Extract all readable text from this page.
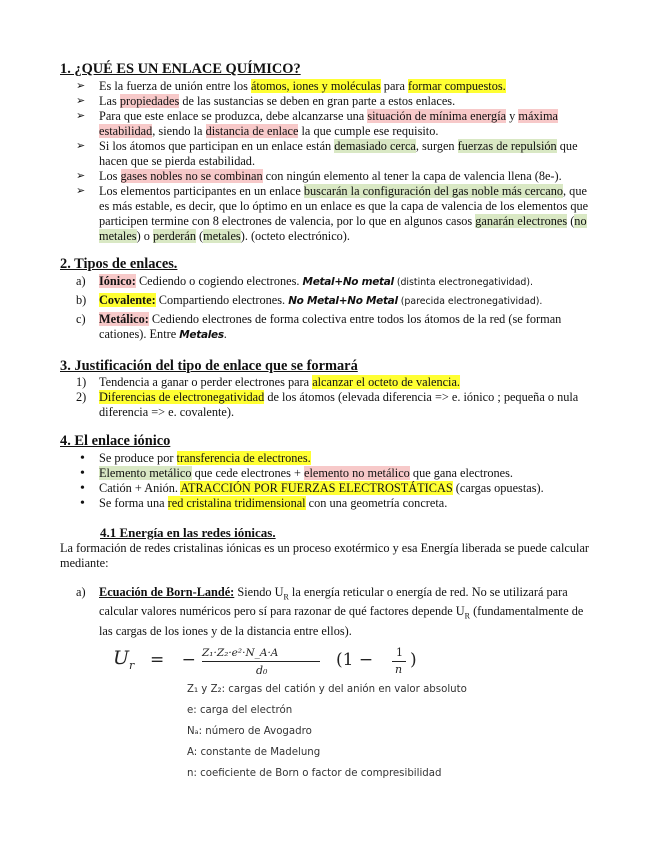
1. ¿QUÉ ES UN ENLACE QUÍMICO?
➢	Es la fuerza de unión entre los átomos, iones y moléculas para formar compuestos.
➢	Las propiedades de las sustancias se deben en gran parte a estos enlaces.
➢	Para que este enlace se produzca, debe alcanzarse una situación de mínima energía y máxima estabilidad, siendo la distancia de enlace la que cumple ese requisito.
➢	Si los átomos que participan en un enlace están demasiado cerca, surgen fuerzas de repulsión que hacen que se pierda estabilidad.
➢	Los gases nobles no se combinan con ningún elemento al tener la capa de valencia llena (8e-).
➢	Los elementos participantes en un enlace buscarán la configuración del gas noble más cercano, que es más estable, es decir, que lo óptimo en un enlace es que la capa de valencia de los elementos que participen termine con 8 electrones de valencia, por lo que en algunos casos ganarán electrones (no metales) o perderán (metales). (octeto electrónico).
2. Tipos de enlaces.
a)	Iónico: Cediendo o cogiendo electrones. Metal+No metal (distinta electronegatividad).
b)	Covalente: Compartiendo electrones. No Metal+No Metal (parecida electronegatividad).
c)	Metálico: Cediendo electrones de forma colectiva entre todos los átomos de la red (se forman cationes). Entre Metales.
3. Justificación del tipo de enlace que se formará
1)	Tendencia a ganar o perder electrones para alcanzar el octeto de valencia.
2)	Diferencias de electronegatividad de los átomos (elevada diferencia => e. iónico ; pequeña o nula diferencia => e. covalente).
4. El enlace iónico
•	Se produce por transferencia de electrones.
•	Elemento metálico que cede electrones + elemento no metálico que gana electrones.
•	Catión + Anión. ATRACCIÓN POR FUERZAS ELECTROSTÁTICAS (cargas opuestas).
•	Se forma una red cristalina tridimensional con una geometría concreta.
4.1 Energía en las redes iónicas.
La formación de redes cristalinas iónicas es un proceso exotérmico y esa Energía liberada se puede calcular mediante:
a)	Ecuación de Born-Landé: Siendo $U_R$ la energía reticular o energía de red. No se utilizará para calcular valores numéricos pero sí para razonar de qué factores depende $U_R$ (fundamentalmente de las cargas de los iones y de la distancia entre ellos).
$U_r$ = − Z₁·Z₂·e²·N_A·A
d₀
(1 − 1
n )
Z₁ y Z₂: cargas del catión y del anión en valor absoluto
e: carga del electrón
Nₐ: número de Avogadro
A: constante de Madelung
n: coeficiente de Born o factor de compresibilidad
